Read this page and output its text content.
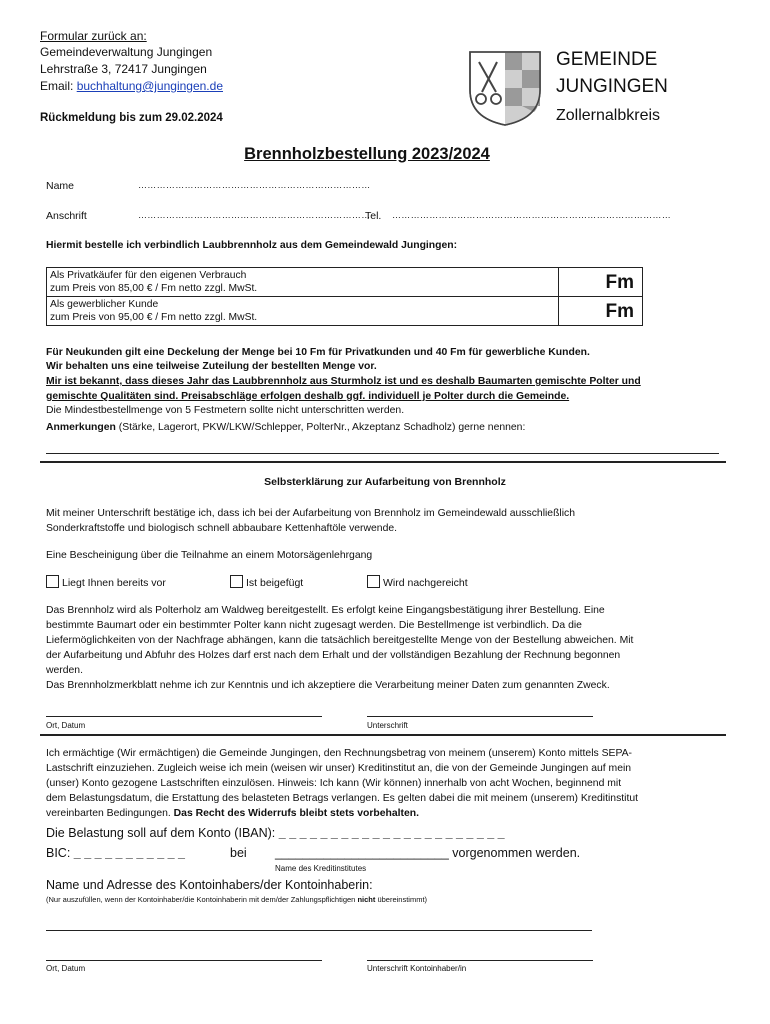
Formular zurück an:
Gemeindeverwaltung Jungingen
Lehrstraße 3, 72417 Jungingen
Email: buchhaltung@jungingen.de
Rückmeldung bis zum 29.02.2024
GEMEINDE
JUNGINGEN
Zollernalbkreis
Brennholzbestellung 2023/2024
Name	…………………………………………………………………
Anschrift	…………………………………………………………………
Tel. ………………………………………………………………………………
Hiermit bestelle ich verbindlich Laubbrennholz aus dem Gemeindewald Jungingen:
Als Privatkäufer für den eigenen Verbrauch
zum Preis von 85,00 € / Fm netto zzgl. MwSt.	Fm

Als gewerblicher Kunde
zum Preis von 95,00 € / Fm netto zzgl. MwSt.	Fm
Für Neukunden gilt eine Deckelung der Menge bei 10 Fm für Privatkunden und 40 Fm für gewerbliche Kunden.
Wir behalten uns eine teilweise Zuteilung der bestellten Menge vor.
Mir ist bekannt, dass dieses Jahr das Laubbrennholz aus Sturmholz ist und es deshalb Baumarten gemischte Polter und
gemischte Qualitäten sind. Preisabschläge erfolgen deshalb ggf. individuell je Polter durch die Gemeinde.
Die Mindestbestellmenge von 5 Festmetern sollte nicht unterschritten werden.
Anmerkungen (Stärke, Lagerort, PKW/LKW/Schlepper, PolterNr., Akzeptanz Schadholz) gerne nennen:
Selbsterklärung zur Aufarbeitung von Brennholz
Mit meiner Unterschrift bestätige ich, dass ich bei der Aufarbeitung von Brennholz im Gemeindewald ausschließlich
Sonderkraftstoffe und biologisch schnell abbaubare Kettenhaftöle verwende.
Eine Bescheinigung über die Teilnahme an einem Motorsägenlehrgang
Liegt Ihnen bereits vor	Ist beigefügt	Wird nachgereicht
Das Brennholz wird als Polterholz am Waldweg bereitgestellt. Es erfolgt keine Eingangsbestätigung ihrer Bestellung. Eine
bestimmte Baumart oder ein bestimmter Polter kann nicht zugesagt werden. Die Bestellmenge ist verbindlich. Da die
Liefermöglichkeiten von der Nachfrage abhängen, kann die tatsächlich bereitgestellte Menge von der Bestellung abweichen. Mit
der Aufarbeitung und Abfuhr des Holzes darf erst nach dem Erhalt und der vollständigen Bezahlung der Rechnung begonnen
werden.
Das Brennholzmerkblatt nehme ich zur Kenntnis und ich akzeptiere die Verarbeitung meiner Daten zum genannten Zweck.
Ort, Datum	Unterschrift
Ich ermächtige (Wir ermächtigen) die Gemeinde Jungingen, den Rechnungsbetrag von meinem (unserem) Konto mittels SEPA-
Lastschrift einzuziehen. Zugleich weise ich mein (weisen wir unser) Kreditinstitut an, die von der Gemeinde Jungingen auf mein
(unser) Konto gezogene Lastschriften einzulösen. Hinweis: Ich kann (Wir können) innerhalb von acht Wochen, beginnend mit
dem Belastungsdatum, die Erstattung des belasteten Betrags verlangen. Es gelten dabei die mit meinem (unserem) Kreditinstitut
vereinbarten Bedingungen. Das Recht des Widerrufs bleibt stets vorbehalten.
Die Belastung soll auf dem Konto (IBAN): _ _ _ _ _ _ _ _ _ _ _ _ _ _ _ _ _ _ _ _ _ _
BIC: _ _ _ _ _ _ _ _ _ _ _	bei _________________________ vorgenommen werden.
Name des Kreditinstitutes
Name und Adresse des Kontoinhabers/der Kontoinhaberin:
(Nur auszufüllen, wenn der Kontoinhaber/die Kontoinhaberin mit dem/der Zahlungspflichtigen nicht übereinstimmt)
Ort, Datum	Unterschrift Kontoinhaber/in
